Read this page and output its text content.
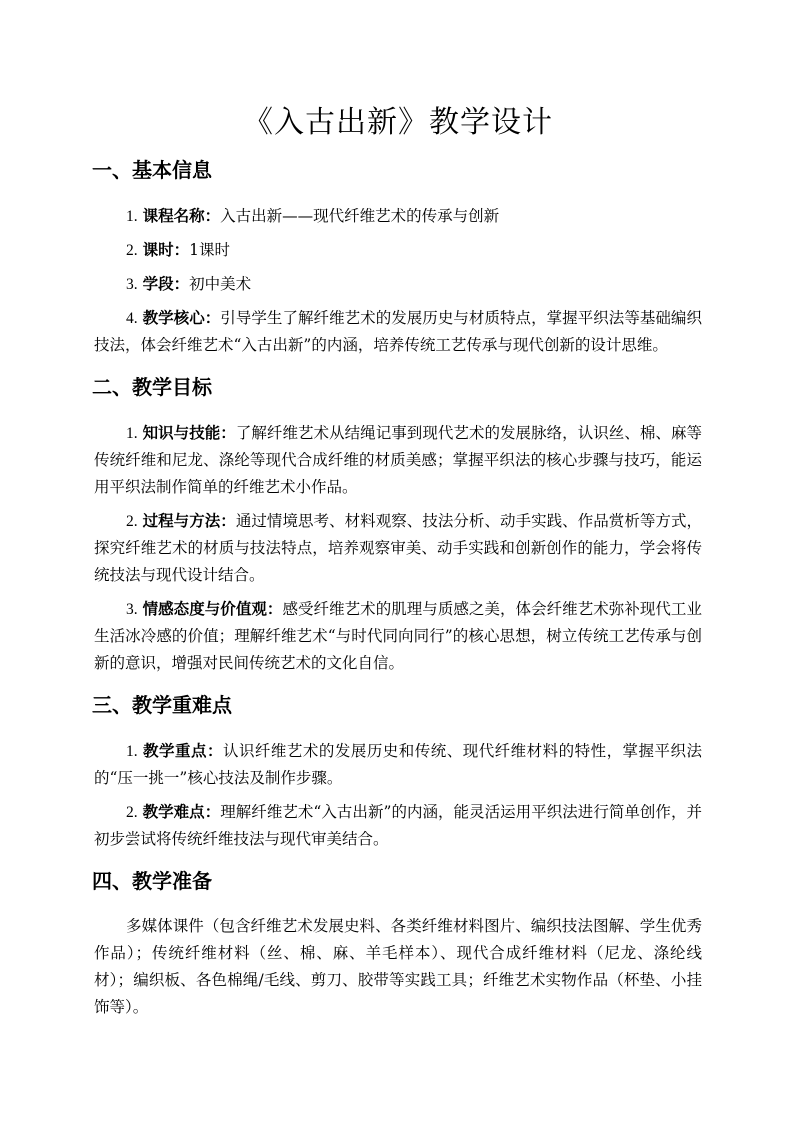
《入古出新》教学设计
一、基本信息

1. 课程名称：入古出新——现代纤维艺术的传承与创新

2. 课时：1课时

3. 学段：初中美术

4. 教学核心：引导学生了解纤维艺术的发展历史与材质特点，掌握平织法等基础编织技法，体会纤维艺术“入古出新”的内涵，培养传统工艺传承与现代创新的设计思维。

二、教学目标

1. 知识与技能：了解纤维艺术从结绳记事到现代艺术的发展脉络，认识丝、棉、麻等传统纤维和尼龙、涤纶等现代合成纤维的材质美感；掌握平织法的核心步骤与技巧，能运用平织法制作简单的纤维艺术小作品。

2. 过程与方法：通过情境思考、材料观察、技法分析、动手实践、作品赏析等方式，探究纤维艺术的材质与技法特点，培养观察审美、动手实践和创新创作的能力，学会将传统技法与现代设计结合。

3. 情感态度与价值观：感受纤维艺术的肌理与质感之美，体会纤维艺术弥补现代工业生活冰冷感的价值；理解纤维艺术“与时代同向同行”的核心思想，树立传统工艺传承与创新的意识，增强对民间传统艺术的文化自信。

三、教学重难点

1. 教学重点：认识纤维艺术的发展历史和传统、现代纤维材料的特性，掌握平织法的“压一挑一”核心技法及制作步骤。

2. 教学难点：理解纤维艺术“入古出新”的内涵，能灵活运用平织法进行简单创作，并初步尝试将传统纤维技法与现代审美结合。

四、教学准备

多媒体课件（包含纤维艺术发展史料、各类纤维材料图片、编织技法图解、学生优秀作品）；传统纤维材料（丝、棉、麻、羊毛样本）、现代合成纤维材料（尼龙、涤纶线材）；编织板、各色棉绳/毛线、剪刀、胶带等实践工具；纤维艺术实物作品（杯垫、小挂饰等）。
